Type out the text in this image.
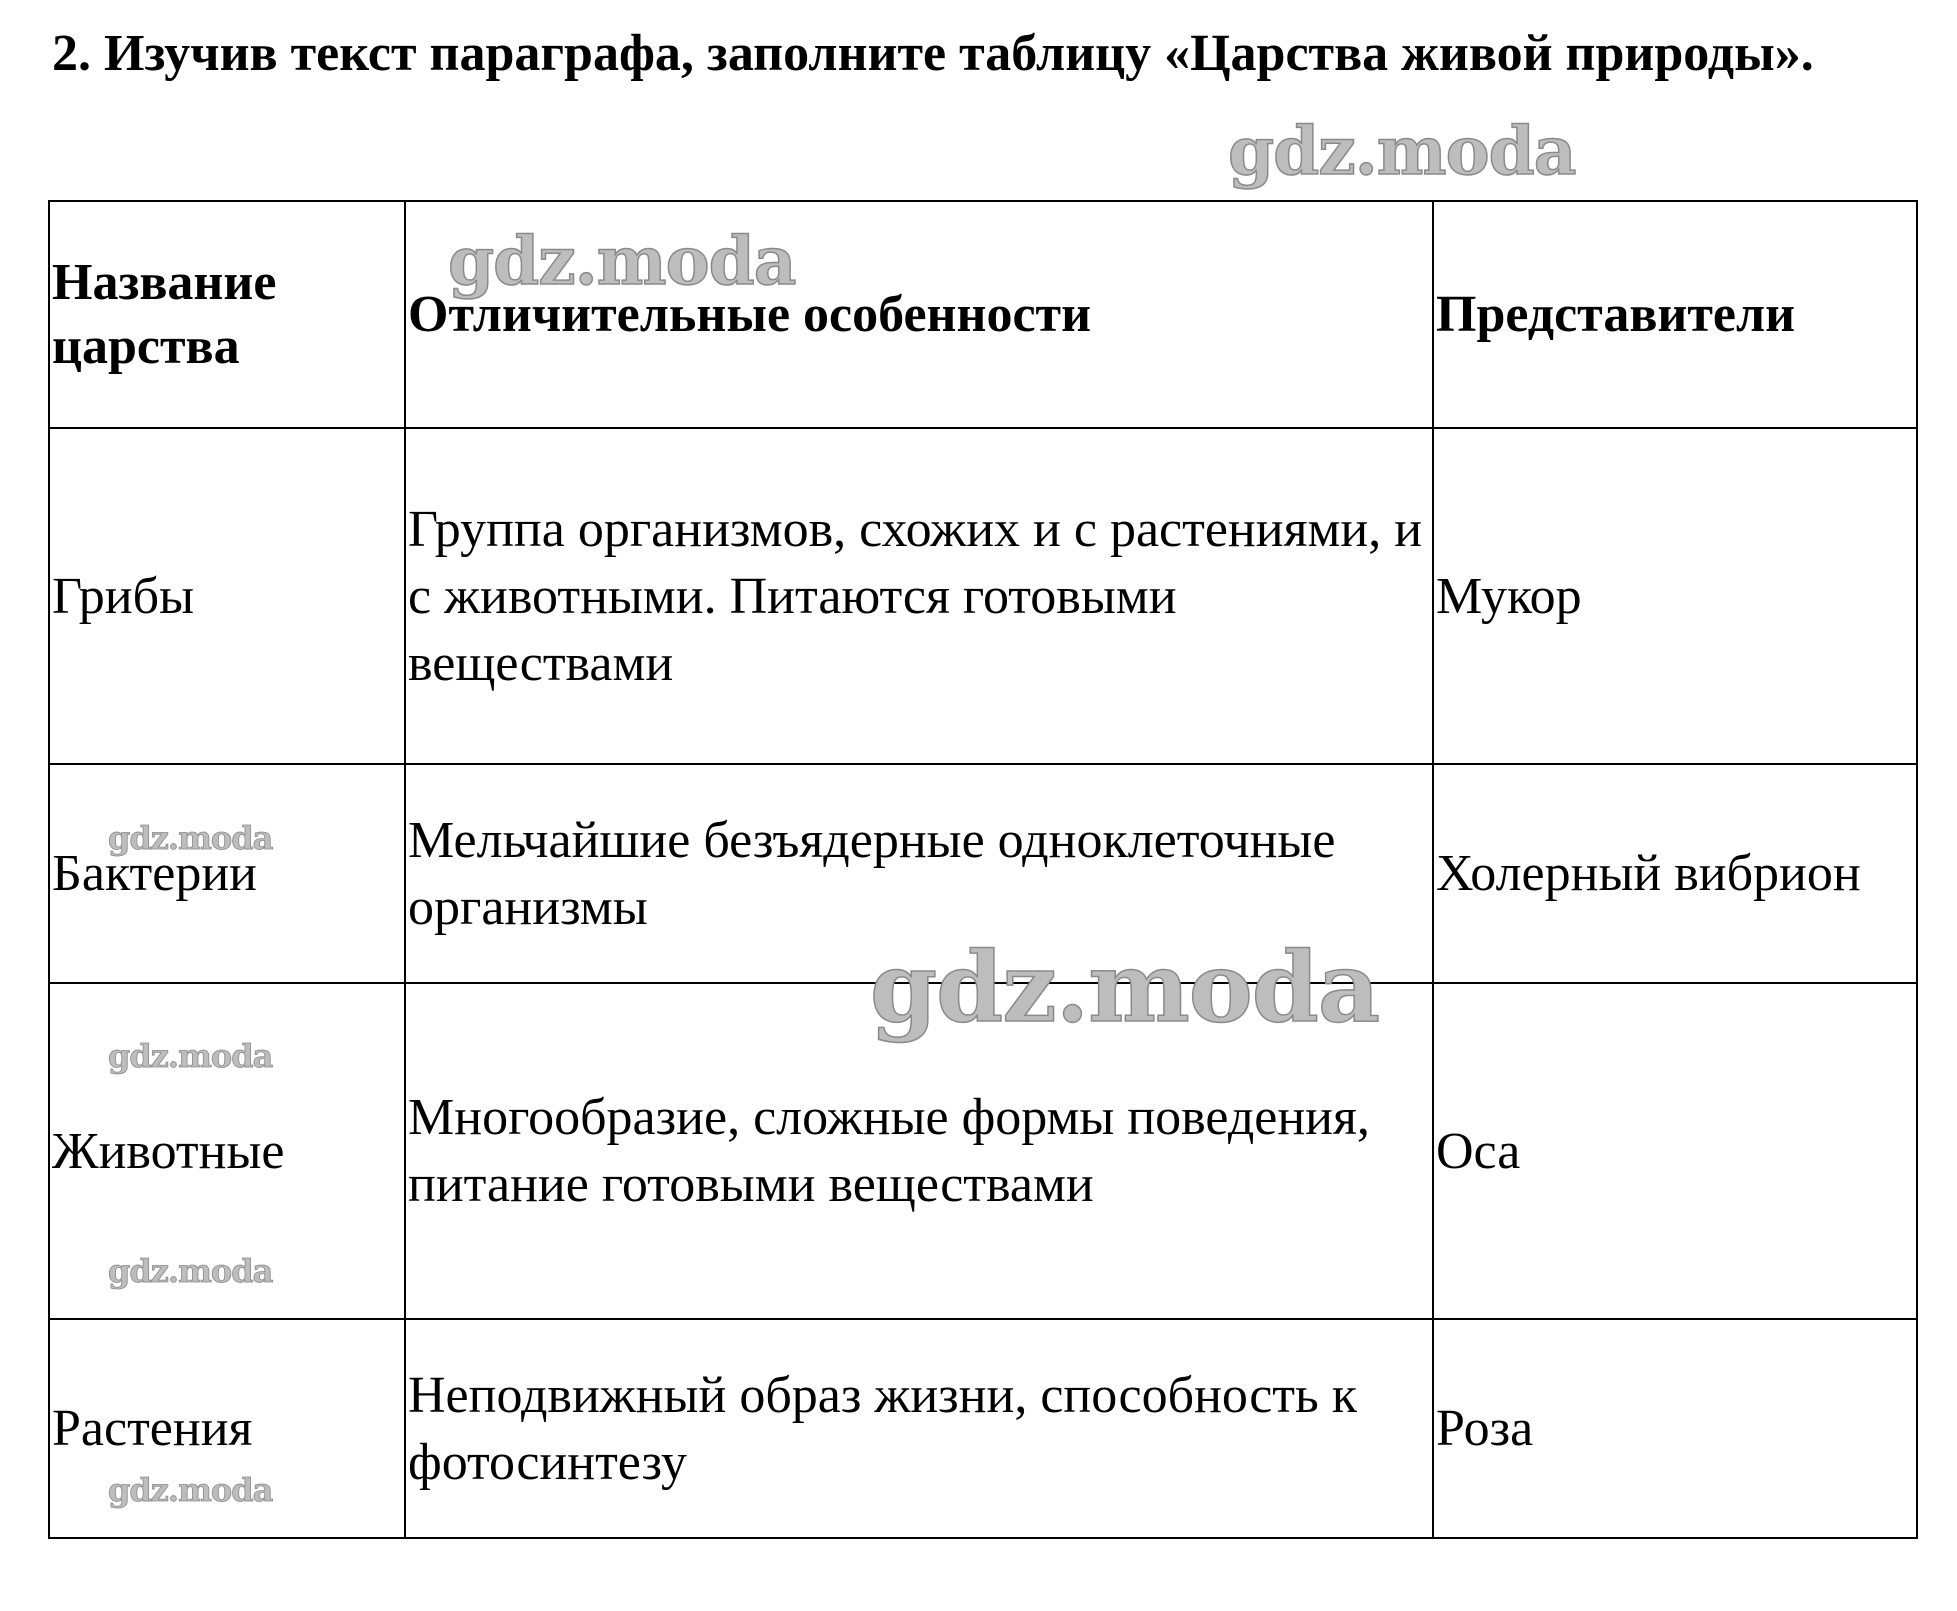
2. Изучив текст параграфа, заполните таблицу «Царства живой природы».
Название царства	Отличительные особенности	Представители
Грибы	Группа организмов, схожих и с растениями, и с животными. Питаются готовыми веществами	Мукор
Бактерии	Мельчайшие безъядерные одноклеточные организмы	Холерный вибрион
Животные	Многообразие, сложные формы поведения, питание готовыми веществами	Оса
Растения	Неподвижный образ жизни, способность к фотосинтезу	Роза
gdz.moda
gdz.moda
gdz.moda
gdz.moda
gdz.moda
gdz.moda
gdz.moda
